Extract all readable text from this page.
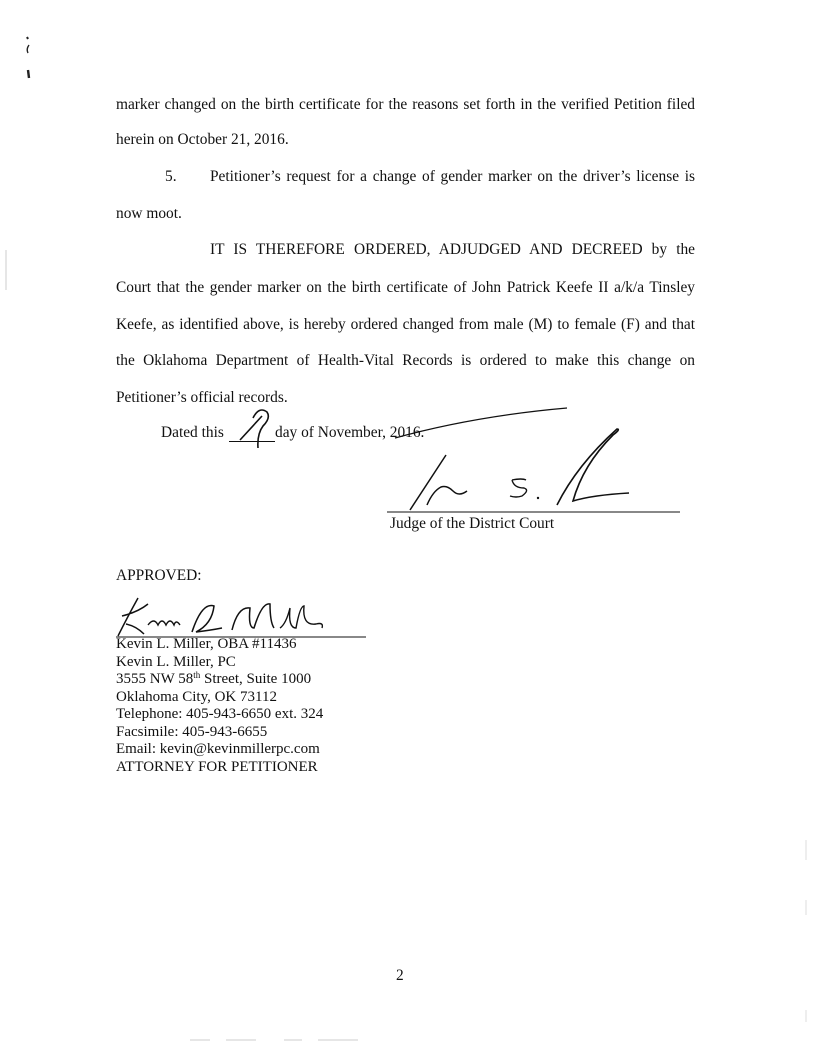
marker changed on the birth certificate for the reasons set forth in the verified Petition filed
herein on October 21, 2016.
5. Petitioner’s request for a change of gender marker on the driver’s license is
now moot.
IT IS THEREFORE ORDERED, ADJUDGED AND DECREED by the
Court that the gender marker on the birth certificate of John Patrick Keefe II a/k/a Tinsley
Keefe, as identified above, is hereby ordered changed from male (M) to female (F) and that
the Oklahoma Department of Health-Vital Records is ordered to make this change on
Petitioner’s official records.
Dated this	day of November, 2016.
Judge of the District Court
APPROVED:
Kevin L. Miller, OBA #11436
Kevin L. Miller, PC
3555 NW 58th Street, Suite 1000
Oklahoma City, OK 73112
Telephone: 405-943-6650 ext. 324
Facsimile: 405-943-6655
Email: kevin@kevinmillerpc.com
ATTORNEY FOR PETITIONER
2
